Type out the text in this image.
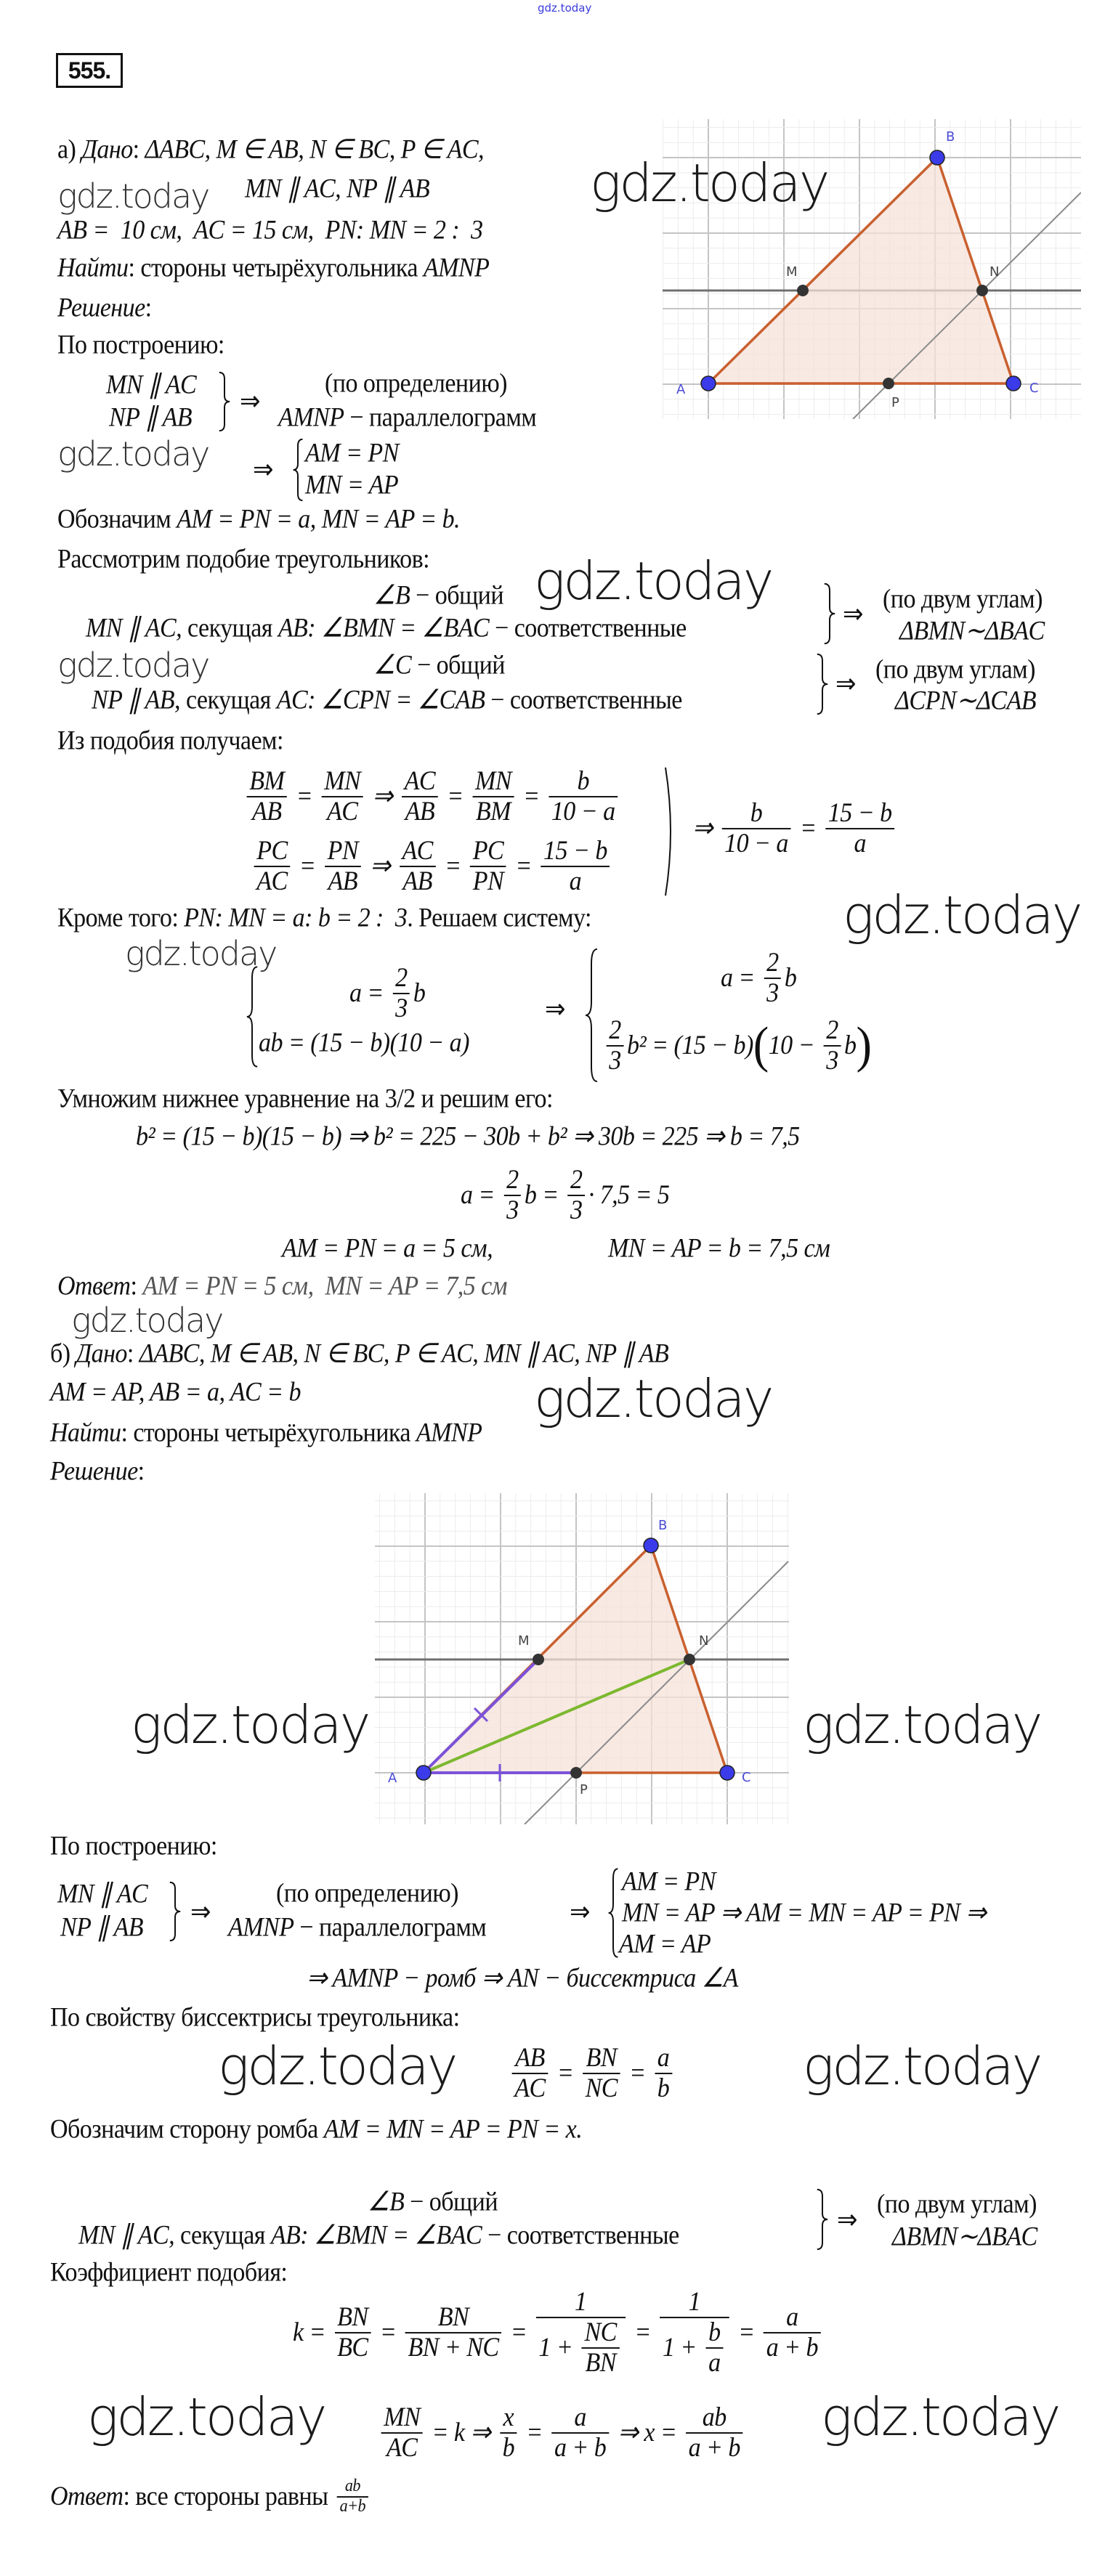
gdz.today
555.
а) Дано : ΔABC, M ∈ AB, N ∈ BC, P ∈ AC,
gdz.today MN ∥ AC, NP ∥ AB
AB =  10 см,  AC = 15 см,  PN: MN = 2 :  3
gdz.today
Найти : стороны четырёхугольника AMNP
Решение :
По построению:
MN ∥ AC
NP ∥ AB
⇒
(по определению)
AMNP − параллелограмм
gdz.today ⇒
AM = PN
MN = AP
Обозначим AM = PN = a, MN = AP = b.
Рассмотрим подобие треугольников:
∠B − общий gdz.today
MN ∥ AC, секущая AB: ∠BMN = ∠BAC − соответственные	⇒
(по двум углам)
ΔBMN∼ΔBAC
gdz.today	∠C − общий
NP ∥ AB, секущая AC: ∠CPN = ∠CAB − соответственные
⇒ (по двум углам)
ΔCPN∼ΔCAB
Из подобия получаем:
$\frac{BM}{AB} = \frac{MN}{AC}$ ⇒ $\frac{AC}{AB} = \frac{MN}{BM} = \frac{b}{10 - a}$
$\frac{PC}{AC} = \frac{PN}{AB}$ ⇒ $\frac{AC}{AB} = \frac{PC}{PN} = \frac{15 - b}{a}$
⇒ $\frac{b}{10 - a} = \frac{15 - b}{a}$
Кроме того: PN: MN = a: b = 2 :  3 . Решаем систему:
gdz.today
$a = \frac{2}{3}$ b
ab = (15 − b)(10 − a)
⇒
$a = \frac{2}{3}$ b
$\frac{2}{3} b^2 = (15 - b)$ ( $10 - \frac{2}{3}$ b )
gdz.today
Умножим нижнее уравнение на 3/2 и решим его:
b² = (15 − b)(15 − b) ⇒ b² = 225 − 30b + b² ⇒ 30b = 225 ⇒ b = 7,5
$a = \frac{2}{3}$ $b = \frac{2}{3} \cdot 7,5 = 5$
AM = PN = a = 5 см,	MN = AP = b = 7,5 см
Ответ : AM = PN = 5 см,  MN = AP = 7,5 см
A
B
C
M	N
P
gdz.today
б) Дано : ΔABC, M ∈ AB, N ∈ BC, P ∈ AC, MN ∥ AC, NP ∥ AB
AM = AP, AB = a, AC = b	gdz.today
Найти : стороны четырёхугольника AMNP
Решение :
A
B
C
M	N
P
gdz.today	gdz.today
По построению:
MN ∥ AC
NP ∥ AB
⇒
(по определению)
AMNP − параллелограмм
⇒
AM = PN
MN = AP ⇒ AM = MN = AP = PN ⇒
AM = AP
⇒ AMNP − ромб ⇒ AN − биссектриса ∠A
По свойству биссектрисы треугольника:
gdz.today $\frac{AB}{AC} = \frac{BN}{NC} = \frac{a}{b}$	gdz.today
Обозначим сторону ромба AM = MN = AP = PN = x.
∠B − общий
MN ∥ AC, секущая AB: ∠BMN = ∠BAC − соответственные
⇒
(по двум углам)
ΔBMN∼ΔBAC
Коэффициент подобия:
$k = \frac{BN}{BC} = \frac{BN}{BN + NC}$ =
1
$1 + \frac{NC}{BN} = \frac{1}{1 + \frac{b}{a}} = \frac{a}{a + b}$
gdz.today	gdz.today
$\frac{MN}{AC} = k$ ⇒ $\frac{x}{b} = \frac{a}{a + b}$ ⇒ $x = \frac{ab}{a + b}$
Ответ : все стороны равны $\frac{ab}{a+b}$
